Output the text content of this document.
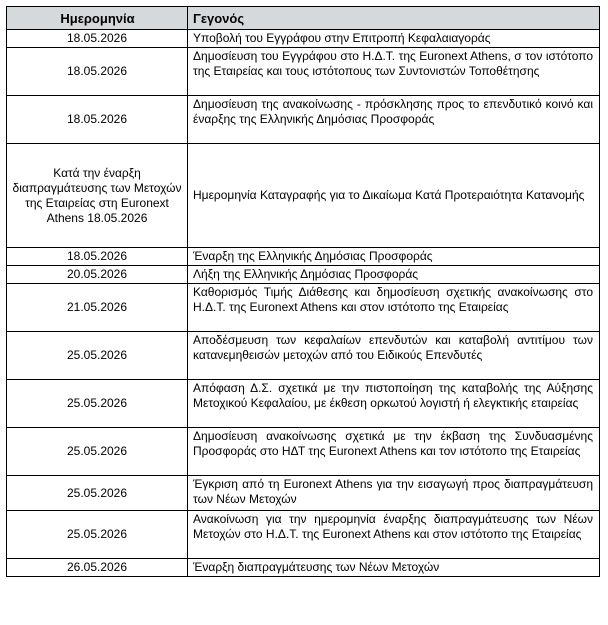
Ημερομηνία	Γεγονός
18.05.2026	Υποβολή του Εγγράφου στην Επιτροπή Κεφαλαιαγοράς
18.05.2026	Δημοσίευση του Εγγράφου στο Η.Δ.Τ. της Euronext Athens, σ τον ιστότοπο της Εταιρείας και τους ιστότοπους των Συντονιστών Τοποθέτησης
18.05.2026	Δημοσίευση της ανακοίνωσης - πρόσκλησης προς το επενδυτικό κοινό και έναρξης της Ελληνικής Δημόσιας Προσφοράς
Κατά την έναρξη διαπραγμάτευσης των Μετοχών της Εταιρείας στη Euronext Athens 18.05.2026	Ημερομηνία Καταγραφής για το Δικαίωμα Κατά Προτεραιότητα Κατανομής
18.05.2026	Έναρξη της Ελληνικής Δημόσιας Προσφοράς
20.05.2026	Λήξη της Ελληνικής Δημόσιας Προσφοράς
21.05.2026	Καθορισμός Τιμής Διάθεσης και δημοσίευση σχετικής ανακοίνωσης στο Η.Δ.Τ. της Euronext Athens και στον ιστότοπο της Εταιρείας
25.05.2026	Αποδέσμευση των κεφαλαίων επενδυτών και καταβολή αντιτίμου των κατανεμηθεισών μετοχών από του Ειδικούς Επενδυτές
25.05.2026	Απόφαση Δ.Σ. σχετικά με την πιστοποίηση της καταβολής της Αύξησης Μετοχικού Κεφαλαίου, με έκθεση ορκωτού λογιστή ή ελεγκτικής εταιρείας
25.05.2026	Δημοσίευση ανακοίνωσης σχετικά με την έκβαση της Συνδυασμένης Προσφοράς στο ΗΔΤ της Euronext Athens και τον ιστότοπο της Εταιρείας
25.05.2026	Έγκριση από τη Euronext Athens για την εισαγωγή προς διαπραγμάτευση των Νέων Μετοχών
25.05.2026	Ανακοίνωση για την ημερομηνία έναρξης διαπραγμάτευσης των Νέων Μετοχών στο Η.Δ.Τ. της Euronext Athens και στον ιστότοπο της Εταιρείας
26.05.2026	Έναρξη διαπραγμάτευσης των Νέων Μετοχών
